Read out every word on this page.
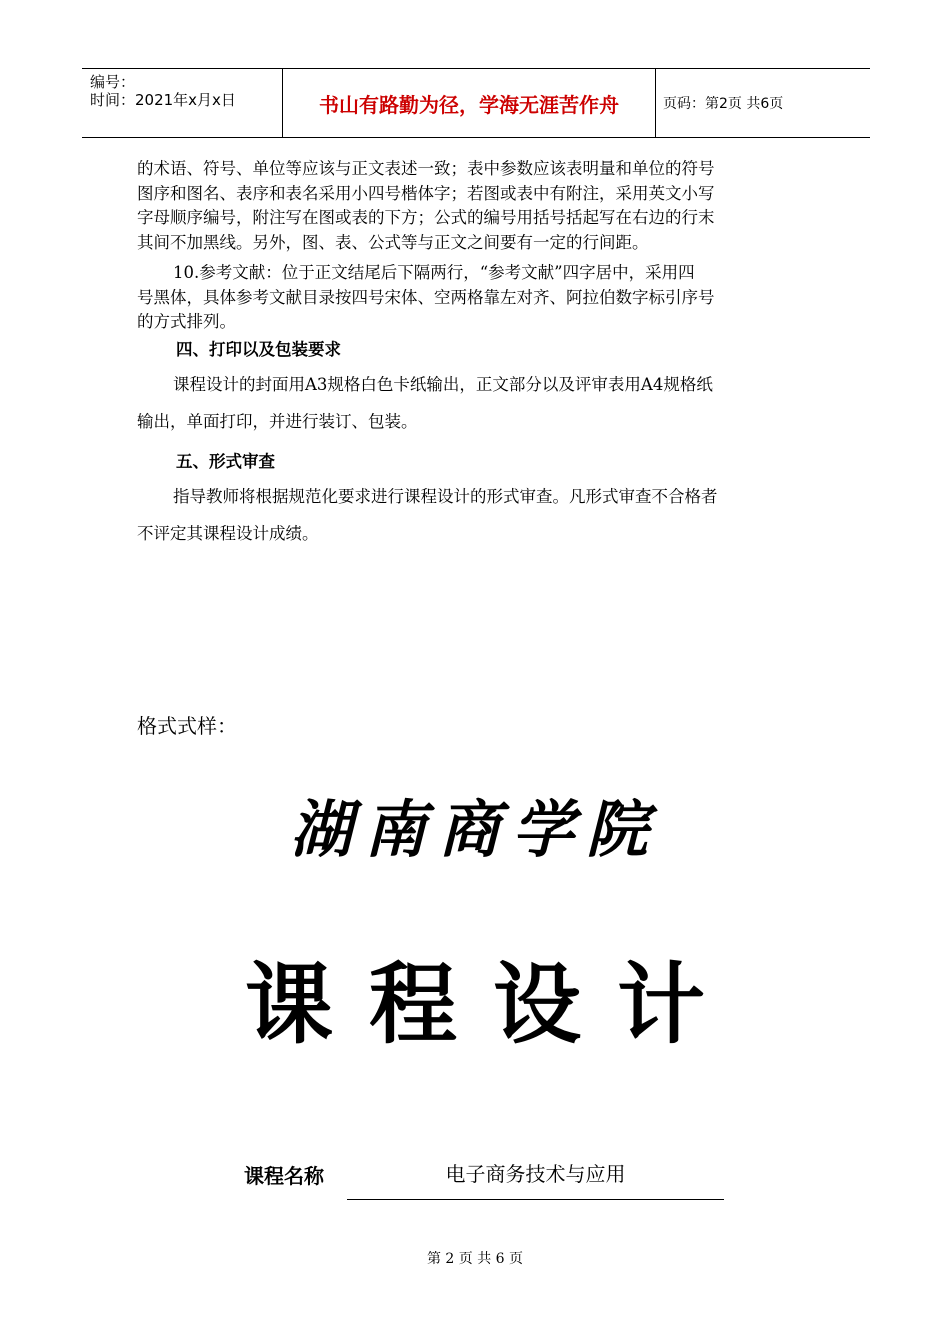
编号：
时间：2021年x月x日	书山有路勤为径，学海无涯苦作舟	页码：第2页 共6页
的术语、符号、单位等应该与正文表述一致；表中参数应该表明量和单位的符号
图序和图名、表序和表名采用小四号楷体字；若图或表中有附注，采用英文小写
字母顺序编号，附注写在图或表的下方；公式的编号用括号括起写在右边的行末
其间不加黑线。另外，图、表、公式等与正文之间要有一定的行间距。
10.参考文献：位于正文结尾后下隔两行，“参考文献”四字居中，采用四
号黑体，具体参考文献目录按四号宋体、空两格靠左对齐、阿拉伯数字标引序号
的方式排列。
四、打印以及包装要求
课程设计的封面用A3规格白色卡纸输出，正文部分以及评审表用A4规格纸
输出，单面打印，并进行装订、包装。
五、形式审查
指导教师将根据规范化要求进行课程设计的形式审查。凡形式审查不合格者
不评定其课程设计成绩。
格式式样：
湖南商学院
课程设计
课程名称	电子商务技术与应用
第 2 页 共 6 页
